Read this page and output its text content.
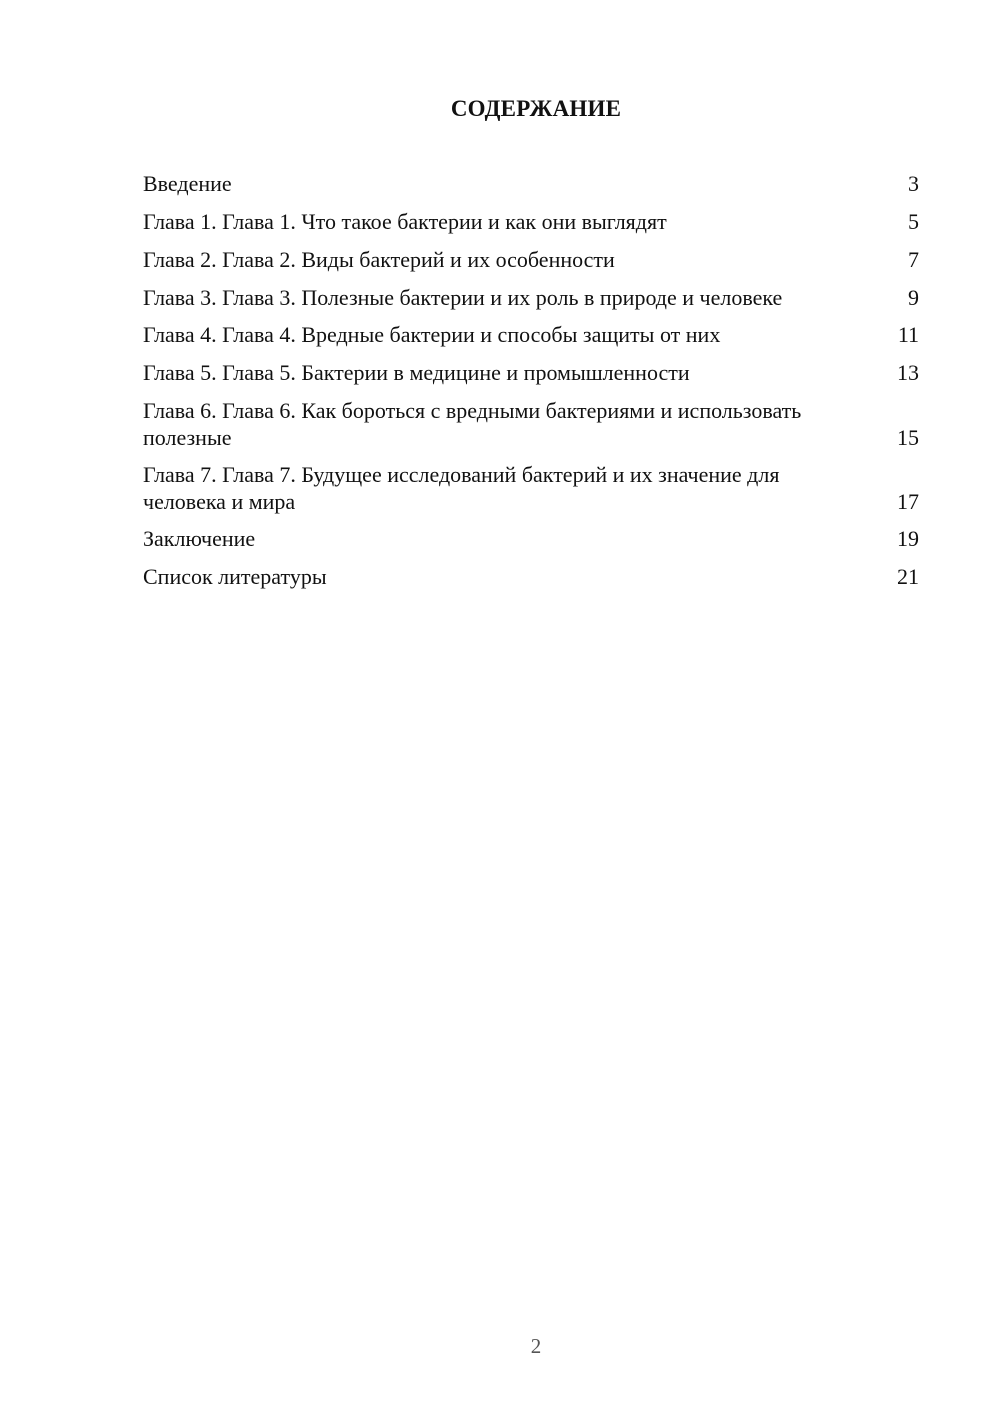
СОДЕРЖАНИЕ
Введение	3
Глава 1. Глава 1. Что такое бактерии и как они выглядят	5
Глава 2. Глава 2. Виды бактерий и их особенности	7
Глава 3. Глава 3. Полезные бактерии и их роль в природе и человеке	9
Глава 4. Глава 4. Вредные бактерии и способы защиты от них	11
Глава 5. Глава 5. Бактерии в медицине и промышленности	13
Глава 6. Глава 6. Как бороться с вредными бактериями и использовать полезные	15
Глава 7. Глава 7. Будущее исследований бактерий и их значение для человека и мира	17
Заключение	19
Список литературы	21
2
